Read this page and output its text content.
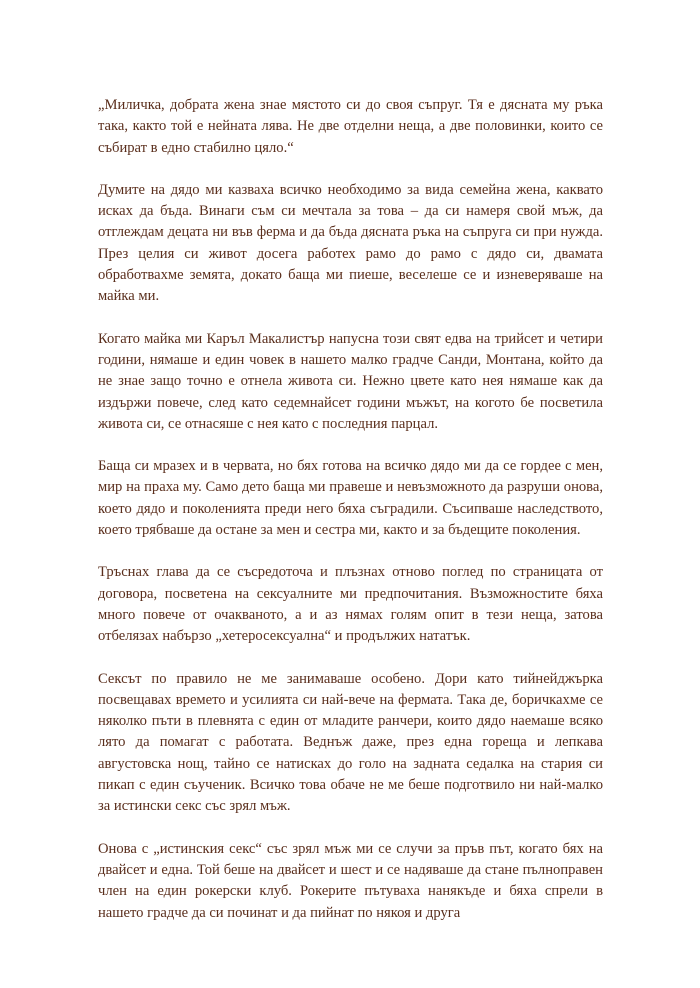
„Миличка, добрата жена знае мястото си до своя съпруг. Тя е дясната му ръка така, както той е нейната лява. Не две отделни неща, а две половинки, които се събират в едно стабилно цяло.“

Думите на дядо ми казваха всичко необходимо за вида семейна жена, каквато исках да бъда. Винаги съм си мечтала за това – да си намеря свой мъж, да отглеждам децата ни във ферма и да бъда дясната ръка на съпруга си при нужда. През целия си живот досега работех рамо до рамо с дядо си, двамата обработвахме земята, докато баща ми пиеше, веселеше се и изневеряваше на майка ми.

Когато майка ми Каръл Макалистър напусна този свят едва на трийсет и четири години, нямаше и един човек в нашето малко градче Санди, Монтана, който да не знае защо точно е отнела живота си. Нежно цвете като нея нямаше как да издържи повече, след като седемнайсет години мъжът, на когото бе посветила живота си, се отнасяше с нея като с последния парцал.

Баща си мразех и в червата, но бях готова на всичко дядо ми да се гордее с мен, мир на праха му. Само дето баща ми правеше и невъзможното да разруши онова, което дядо и поколенията преди него бяха съградили. Съсипваше наследството, което трябваше да остане за мен и сестра ми, както и за бъдещите поколения.

Тръснах глава да се съсредоточа и плъзнах отново поглед по страницата от договора, посветена на сексуалните ми предпочитания. Възможностите бяха много повече от очакваното, а и аз нямах голям опит в тези неща, затова отбелязах набързо „хетеросексуална“ и продължих нататък.

Сексът по правило не ме занимаваше особено. Дори като тийнейджърка посвещавах времето и усилията си най-вече на фермата. Така де, боричкахме се няколко пъти в плевнята с един от младите ранчери, които дядо наемаше всяко лято да помагат с работата. Веднъж даже, през една гореща и лепкава августовска нощ, тайно се натисках до голо на задната седалка на стария си пикап с един съученик. Всичко това обаче не ме беше подготвило ни най-малко за истински секс със зрял мъж.

Онова с „истинския секс“ със зрял мъж ми се случи за пръв път, когато бях на двайсет и една. Той беше на двайсет и шест и се надяваше да стане пълноправен член на един рокерски клуб. Рокерите пътуваха нанякъде и бяха спрели в нашето градче да си починат и да пийнат по някоя и друга
